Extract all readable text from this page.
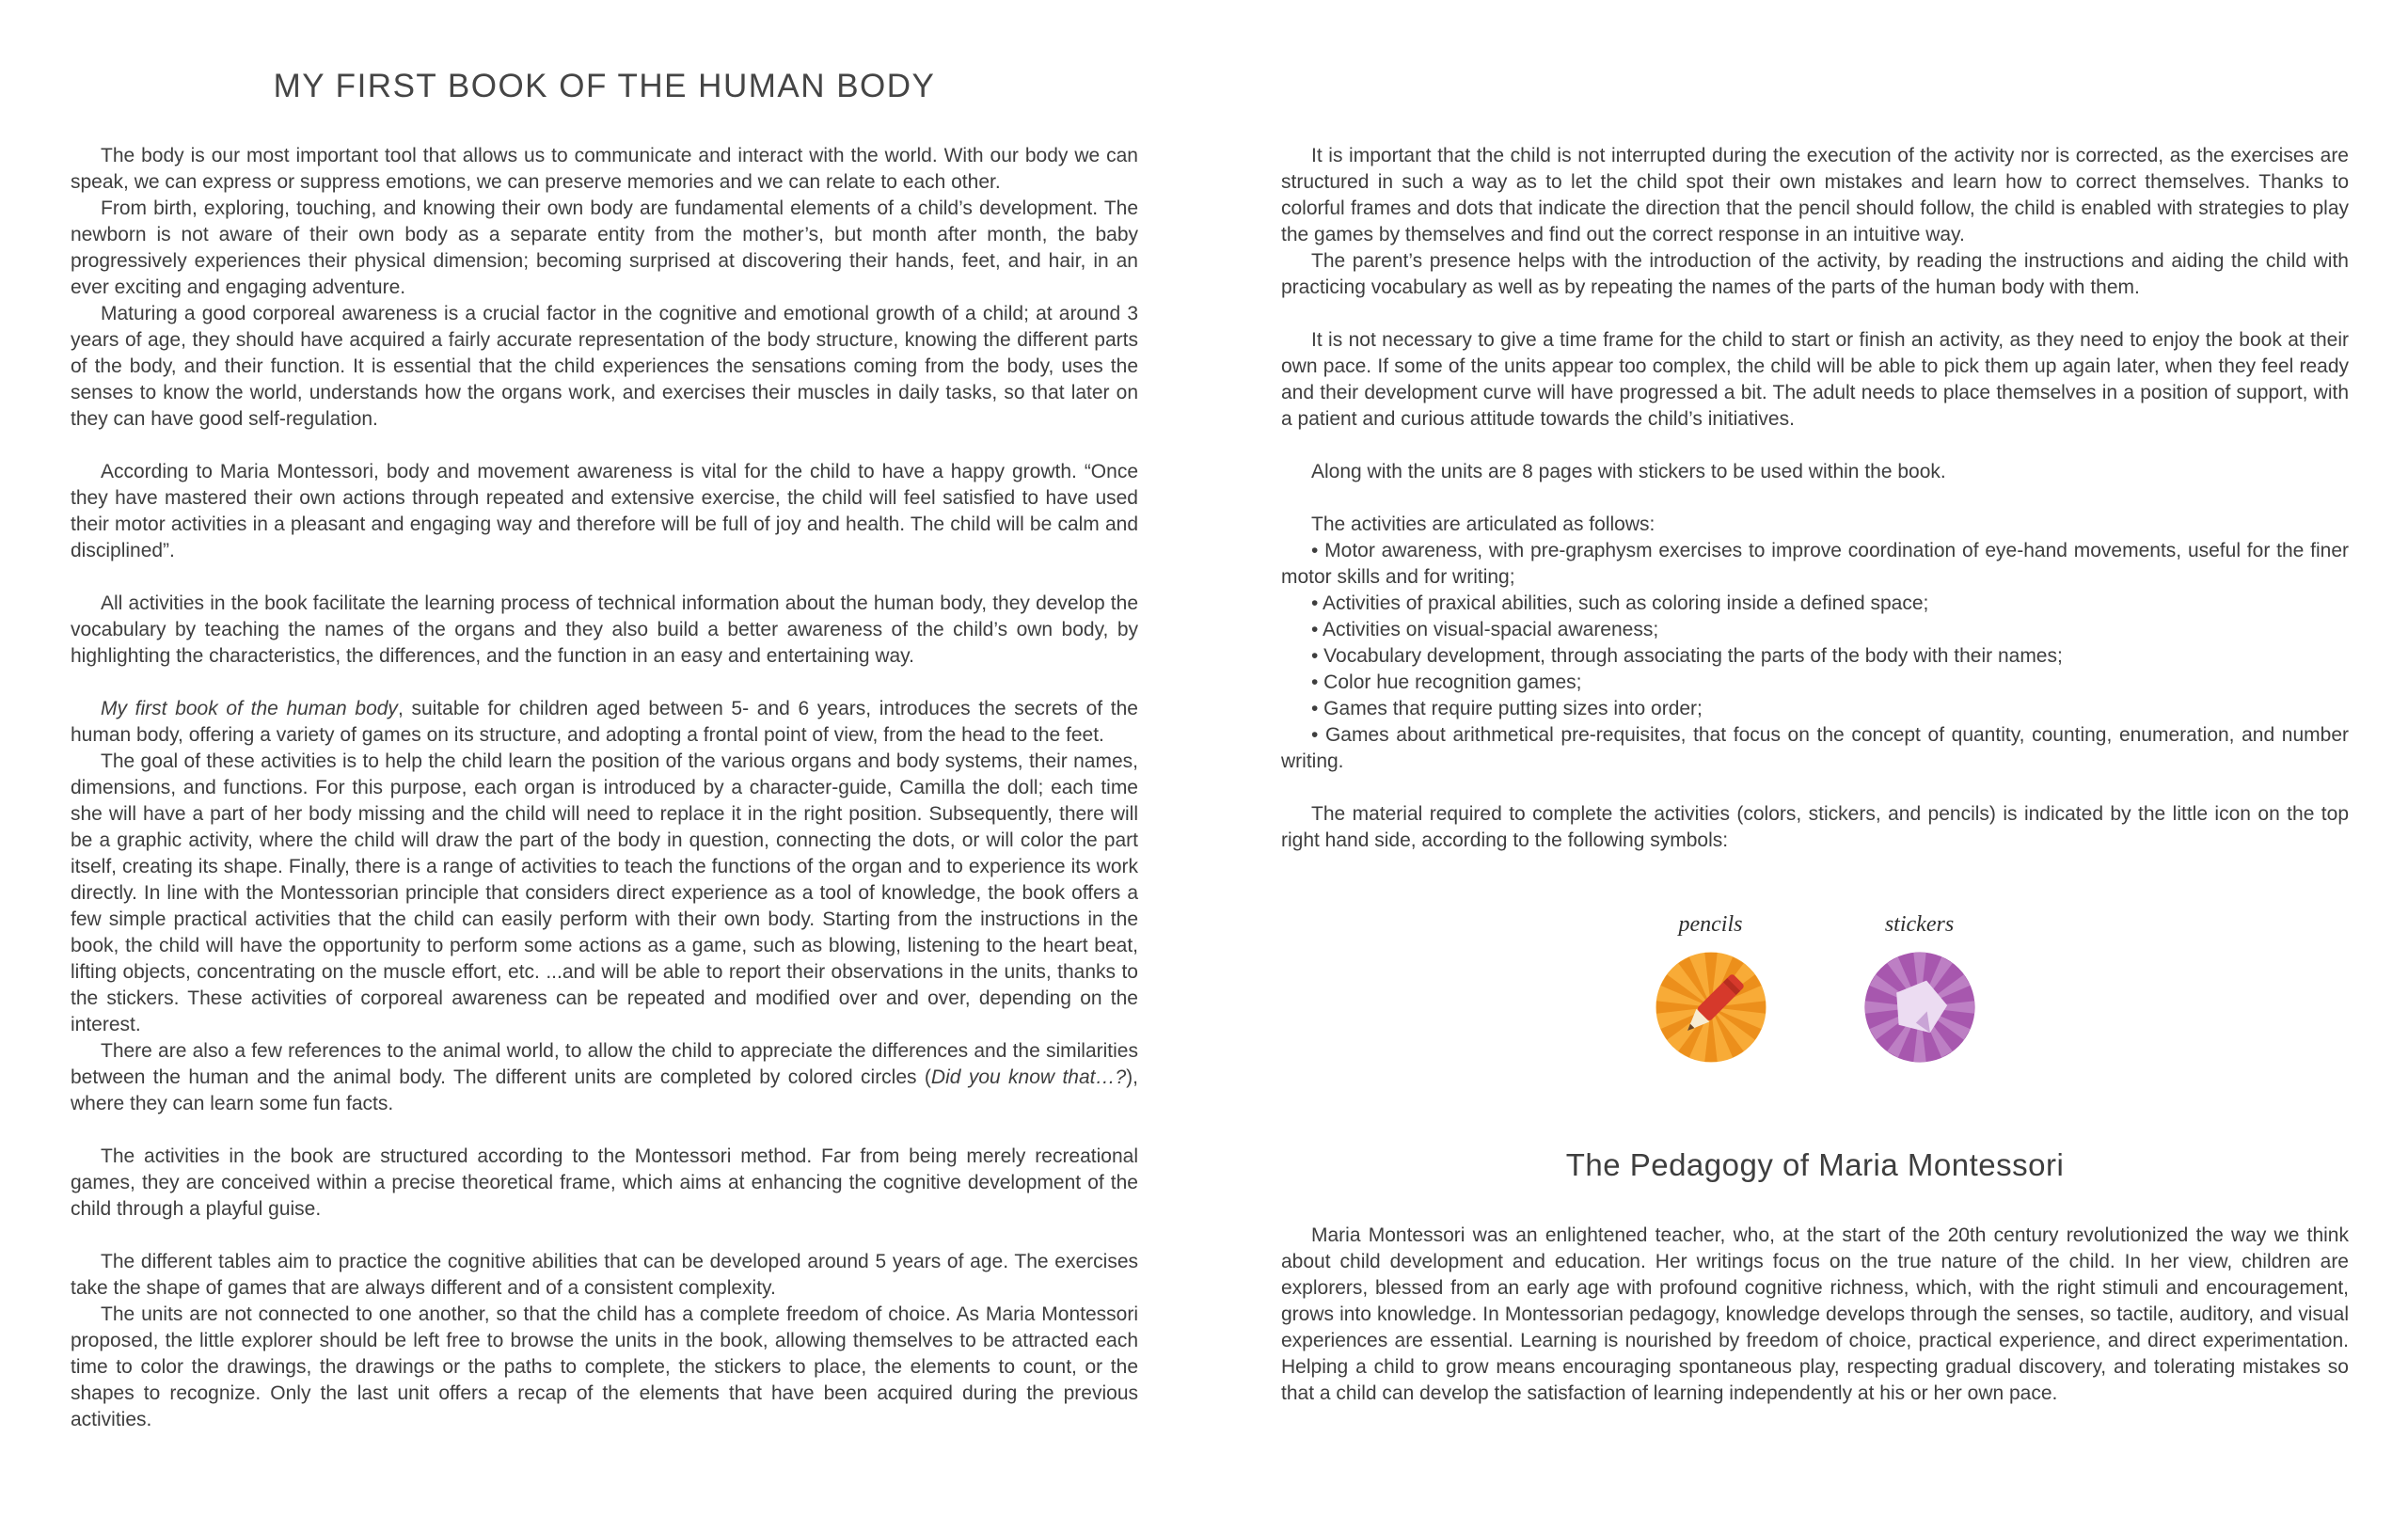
MY FIRST BOOK OF THE HUMAN BODY

The body is our most important tool that allows us to communicate and interact with the world. With our body we can speak, we can express or suppress emotions, we can preserve memories and we can relate to each other.

From birth, exploring, touching, and knowing their own body are fundamental elements of a child’s development. The newborn is not aware of their own body as a separate entity from the mother’s, but month after month, the baby progressively experiences their physical dimension; becoming surprised at discovering their hands, feet, and hair, in an ever exciting and engaging adventure.

Maturing a good corporeal awareness is a crucial factor in the cognitive and emotional growth of a child; at around 3 years of age, they should have acquired a fairly accurate representation of the body structure, knowing the different parts of the body, and their function. It is essential that the child experiences the sensations coming from the body, uses the senses to know the world, understands how the organs work, and exercises their muscles in daily tasks, so that later on they can have good self-regulation.

According to Maria Montessori, body and movement awareness is vital for the child to have a happy growth. “Once they have mastered their own actions through repeated and extensive exercise, the child will feel satisfied to have used their motor activities in a pleasant and engaging way and therefore will be full of joy and health. The child will be calm and disciplined”.

All activities in the book facilitate the learning process of technical information about the human body, they develop the vocabulary by teaching the names of the organs and they also build a better awareness of the child’s own body, by highlighting the characteristics, the differences, and the function in an easy and entertaining way.

My first book of the human body, suitable for children aged between 5- and 6 years, introduces the secrets of the human body, offering a variety of games on its structure, and adopting a frontal point of view, from the head to the feet.

The goal of these activities is to help the child learn the position of the various organs and body systems, their names, dimensions, and functions. For this purpose, each organ is introduced by a character-guide, Camilla the doll; each time she will have a part of her body missing and the child will need to replace it in the right position. Subsequently, there will be a graphic activity, where the child will draw the part of the body in question, connecting the dots, or will color the part itself, creating its shape. Finally, there is a range of activities to teach the functions of the organ and to experience its work directly. In line with the Montessorian principle that considers direct experience as a tool of knowledge, the book offers a few simple practical activities that the child can easily perform with their own body. Starting from the instructions in the book, the child will have the opportunity to perform some actions as a game, such as blowing, listening to the heart beat, lifting objects, concentrating on the muscle effort, etc. ...and will be able to report their observations in the units, thanks to the stickers. These activities of corporeal awareness can be repeated and modified over and over, depending on the interest.

There are also a few references to the animal world, to allow the child to appreciate the differences and the similarities between the human and the animal body. The different units are completed by colored circles (Did you know that…?), where they can learn some fun facts.

The activities in the book are structured according to the Montessori method. Far from being merely recreational games, they are conceived within a precise theoretical frame, which aims at enhancing the cognitive development of the child through a playful guise.

The different tables aim to practice the cognitive abilities that can be developed around 5 years of age. The exercises take the shape of games that are always different and of a consistent complexity.

The units are not connected to one another, so that the child has a complete freedom of choice. As Maria Montessori proposed, the little explorer should be left free to browse the units in the book, allowing themselves to be attracted each time to color the drawings, the drawings or the paths to complete, the stickers to place, the elements to count, or the shapes to recognize. Only the last unit offers a recap of the elements that have been acquired during the previous activities.

It is important that the child is not interrupted during the execution of the activity nor is corrected, as the exercises are structured in such a way as to let the child spot their own mistakes and learn how to correct themselves. Thanks to colorful frames and dots that indicate the direction that the pencil should follow, the child is enabled with strategies to play the games by themselves and find out the correct response in an intuitive way.

The parent’s presence helps with the introduction of the activity, by reading the instructions and aiding the child with practicing vocabulary as well as by repeating the names of the parts of the human body with them.

It is not necessary to give a time frame for the child to start or finish an activity, as they need to enjoy the book at their own pace. If some of the units appear too complex, the child will be able to pick them up again later, when they feel ready and their development curve will have progressed a bit. The adult needs to place themselves in a position of support, with a patient and curious attitude towards the child’s initiatives.

Along with the units are 8 pages with stickers to be used within the book.

The activities are articulated as follows:

• Motor awareness, with pre-graphysm exercises to improve coordination of eye-hand movements, useful for the finer motor skills and for writing;

• Activities of praxical abilities, such as coloring inside a defined space;

• Activities on visual-spacial awareness;

• Vocabulary development, through associating the parts of the body with their names;

• Color hue recognition games;

• Games that require putting sizes into order;

• Games about arithmetical pre-requisites, that focus on the concept of quantity, counting, enumeration, and number writing.

The material required to complete the activities (colors, stickers, and pencils) is indicated by the little icon on the top right hand side, according to the following symbols:

pencils	stickers
The Pedagogy of Maria Montessori

Maria Montessori was an enlightened teacher, who, at the start of the 20th century revolutionized the way we think about child development and education. Her writings focus on the true nature of the child. In her view, children are explorers, blessed from an early age with profound cognitive richness, which, with the right stimuli and encouragement, grows into knowledge. In Montessorian pedagogy, knowledge develops through the senses, so tactile, auditory, and visual experiences are essential. Learning is nourished by freedom of choice, practical experience, and direct experimentation. Helping a child to grow means encouraging spontaneous play, respecting gradual discovery, and tolerating mistakes so that a child can develop the satisfaction of learning independently at his or her own pace.
